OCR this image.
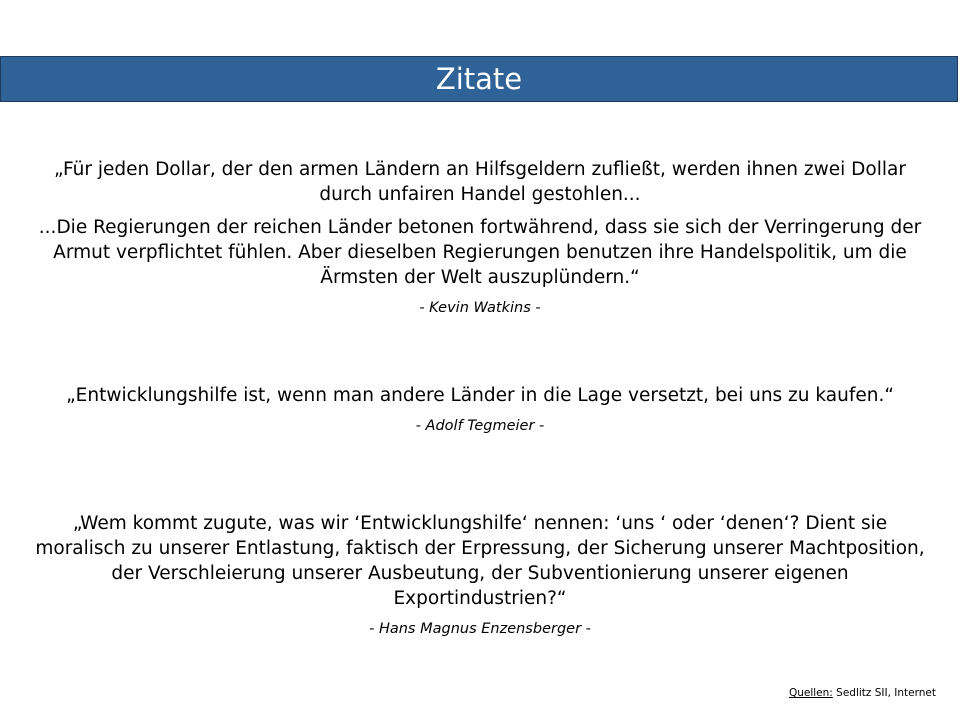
Zitate

„Für jeden Dollar, der den armen Ländern an Hilfsgeldern zufließt, werden ihnen zwei Dollar durch unfairen Handel gestohlen...

...Die Regierungen der reichen Länder betonen fortwährend, dass sie sich der Verringerung der Armut verpflichtet fühlen. Aber dieselben Regierungen benutzen ihre Handelspolitik, um die Ärmsten der Welt auszuplündern.“

- Kevin Watkins -

„Entwicklungshilfe ist, wenn man andere Länder in die Lage versetzt, bei uns zu kaufen.“

- Adolf Tegmeier -

„Wem kommt zugute, was wir ‘Entwicklungshilfe‘ nennen: ‘uns ‘ oder ‘denen‘? Dient sie moralisch zu unserer Entlastung, faktisch der Erpressung, der Sicherung unserer Machtposition, der Verschleierung unserer Ausbeutung, der Subventionierung unserer eigenen Exportindustrien?“

- Hans Magnus Enzensberger -

Quellen: Sedlitz SII, Internet
